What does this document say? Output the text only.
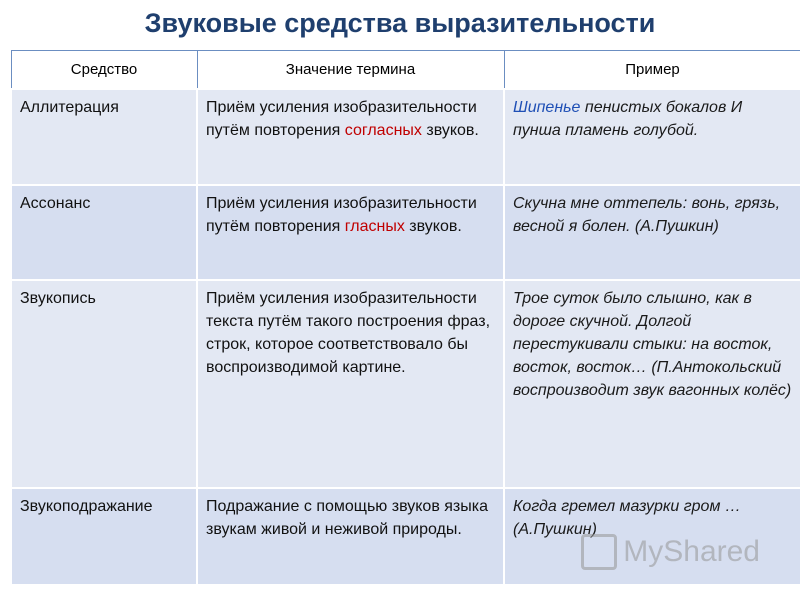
Звуковые средства выразительности
Средство	Значение термина	Пример
Аллитерация	Приём усиления изобразительности путём повторения согласных звуков.	Шипенье пенистых бокалов И пунша пламень голубой.
Ассонанс	Приём усиления изобразительности путём повторения гласных звуков.	Скучна мне оттепель: вонь, грязь, весной я болен. (А.Пушкин)
Звукопись	Приём усиления изобразительности текста путём такого построения фраз, строк, которое соответствовало бы воспроизводимой картине.	Трое суток было слышно, как в дороге скучной. Долгой перестукивали стыки: на восток, восток, восток… (П.Антокольский воспроизводит звук вагонных колёс)
Звукоподражание	Подражание с помощью звуков языка звукам живой и неживой природы.	Когда гремел мазурки гром …(А.Пушкин)
MyShared
